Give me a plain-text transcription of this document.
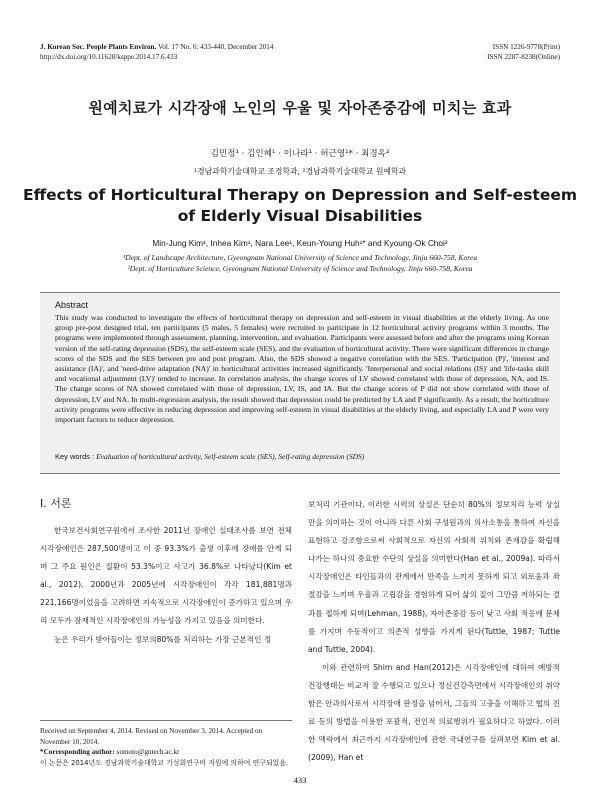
J. Korean Soc. People Plants Environ. Vol. 17 No. 6: 433-440, December 2014
http://dx.doi.org/10.11628/ksppe.2014.17.6.433
ISSN 1226-9778(Print)
ISSN 2287-8238(Online)
원예치료가 시각장애 노인의 우울 및 자아존중감에 미치는 효과
김민정¹ · 김인혜¹ · 이나라¹ · 허근영¹* · 최경옥²
¹경남과학기술대학교 조경학과, ²경남과학기술대학교 원예학과
Effects of Horticultural Therapy on Depression and Self-esteem
of Elderly Visual Disabilities
Min-Jung Kim¹, Inhea Kim¹, Nara Lee¹, Keun-Young Huh¹* and Kyoung-Ok Choi²
¹Dept. of Landscape Architecture, Gyeongnam National University of Science and Technology, Jinju 660-758, Korea
²Dept. of Horticulture Science, Gyeongnam National University of Science and Technology, Jinju 660-758, Korea
Abstract

This study was conducted to investigate the effects of horticultural therapy on depression and self-esteem in visual disabilities at the elderly living. As one group pre-post designed trial, ten participants (5 males, 5 females) were recruited to participate in 12 horticultural activity programs within 3 months. The programs were implemented through assessment, planning, intervention, and evaluation. Participants were assessed before and after the programs using Korean version of the self-rating depression (SDS), the self-esteem scale (SES), and the evaluation of horticultural activity. There were significant differences in change scores of the SDS and the SES between pre and post program. Also, the SDS showed a negative correlation with the SES. 'Participation (P)', 'interest and assistance (IA)', and 'need-drive adaptation (NA)' in horticultural activities increased significantly. 'Interpersonal and social relations (IS)' and 'life-tasks skill and vocational adjustment (LV)' tended to increase. In correlation analysis, the change scores of LV showed correlated with those of depression, NA, and IS. The change scores of NA showed correlated with those of depression, LV, IS, and IA. But the change scores of P did not show correlated with those of depression, LV and NA. In multi-regression analysis, the result showed that depression could be predicted by LA and P significantly. As a result, the horticulture activity programs were effective in reducing depression and improving self-esteem in visual disabilities at the elderly living, and especially LA and P were very important factors to reduce depression.

Key words : Evaluation of horticultural activity, Self-esteem scale (SES), Self-rating depression (SDS)
Ⅰ. 서론

한국보건사회연구원에서 조사한 2011년 장애인 실태조사를 보면 전체 시각장애인은 287,500명이고 이 중 93.3%가 출생 이후에 장애를 안게 되며 그 주요 원인은 질환이 53.3%이고 사고가 36.8%로 나타났다(Kim et al., 2012). 2000년과 2005년에 시각장애인이 각각 181,881명과 221,166명이었음을 고려하면 지속적으로 시각장애인이 증가하고 있으며 우리 모두가 잠재적인 시각장애인의 가능성을 가지고 있음을 의미한다.

눈은 우리가 받아들이는 정보의80%를 처리하는 가장 근본적인 정

보처리 기관이다. 이러한 시력의 상실은 단순히 80%의 정보처리 능력 상실만을 의미하는 것이 아니라 다른 사회 구성원과의 의사소통을 통하여 자신을 표현하고 강조함으로써 사회적으로 자신의 사회적 위치와 존재감을 확립해 나가는 하나의 중요한 수단의 상실을 의미한다(Han et al., 2009a). 따라서 시각장애인은 타인들과의 관계에서 만족을 느끼지 못하게 되고 외로움과 좌절감을 느끼며 우울과 고립감을 경험하게 되어 삶의 질이 그만큼 저하되는 결과를 접하게 되며(Lehman, 1988), 자아존중감 등이 낮고 사회 적응에 문제를 가지며 수동적이고 의존적 성향을 가지게 된다(Tuttle, 1987; Tuttle and Tuttle, 2004).

이와 관련하여 Shim and Han(2012)은 시각장애인에 대하여 예방적 건강행태는 비교적 잘 수행되고 있으나 정신건강측면에서 시각장애인의 취약함은 안과의사로서 시각장애 판정을 넘어서, 그들의 고충을 이해하고 협의 진료 등의 방법을 이용한 포괄적, 전인적 의료행위가 필요하다고 하였다. 이러한 맥락에서 최근까지 시각장애인에 관한 국내연구를 살펴보면 Kim et al.(2009), Han et

Received on September 4, 2014. Revised on November 3, 2014. Accepted on November 10, 2014.
*Corresponding author: sumoto@gntech.ac.kr
이 논문은 2014년도 경남과학기술대학교 기성회연구비 지원에 의하여 연구되었음.
433
